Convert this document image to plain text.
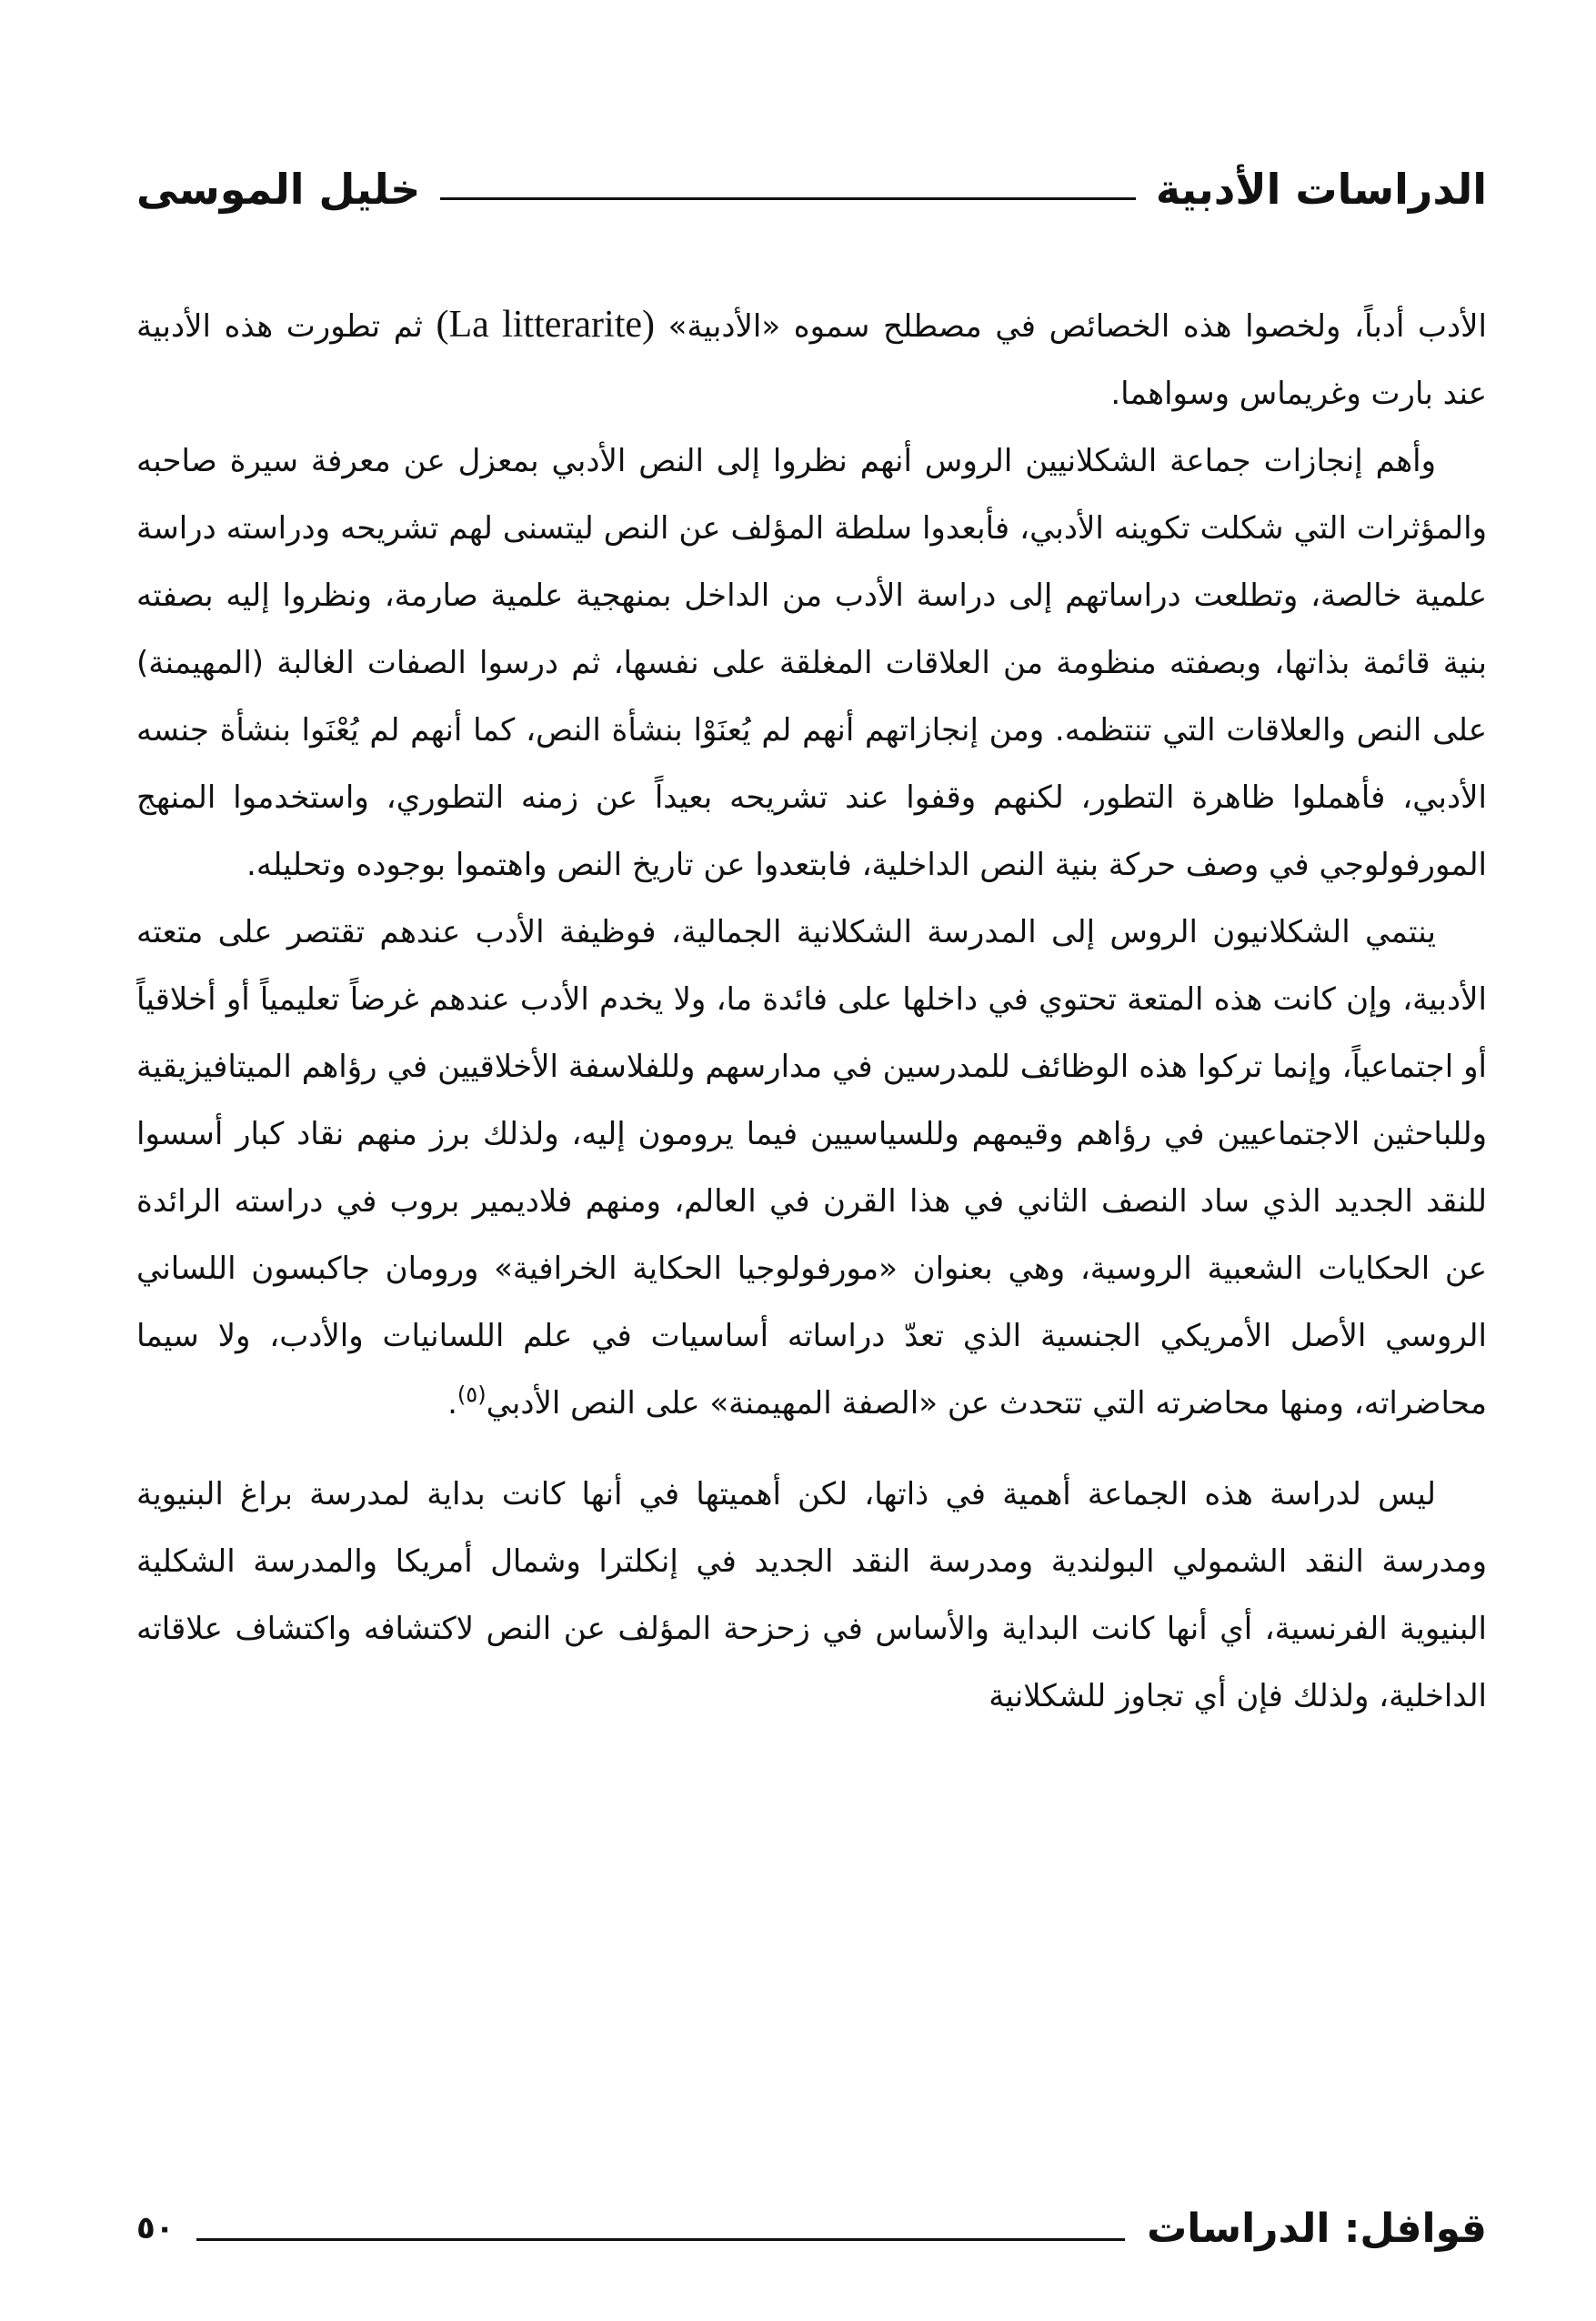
الدراسات الأدبية
خليل الموسى

الأدب أدباً، ولخصوا هذه الخصائص في مصطلح سموه «الأدبية» (La litterarite) ثم تطورت هذه الأدبية عند بارت وغريماس وسواهما.

وأهم إنجازات جماعة الشكلانيين الروس أنهم نظروا إلى النص الأدبي بمعزل عن معرفة سيرة صاحبه والمؤثرات التي شكلت تكوينه الأدبي، فأبعدوا سلطة المؤلف عن النص ليتسنى لهم تشريحه ودراسته دراسة علمية خالصة، وتطلعت دراساتهم إلى دراسة الأدب من الداخل بمنهجية علمية صارمة، ونظروا إليه بصفته بنية قائمة بذاتها، وبصفته منظومة من العلاقات المغلقة على نفسها، ثم درسوا الصفات الغالبة (المهيمنة) على النص والعلاقات التي تنتظمه. ومن إنجازاتهم أنهم لم يُعنَوْا بنشأة النص، كما أنهم لم يُعْنَوا بنشأة جنسه الأدبي، فأهملوا ظاهرة التطور، لكنهم وقفوا عند تشريحه بعيداً عن زمنه التطوري، واستخدموا المنهج المورفولوجي في وصف حركة بنية النص الداخلية، فابتعدوا عن تاريخ النص واهتموا بوجوده وتحليله.

ينتمي الشكلانيون الروس إلى المدرسة الشكلانية الجمالية، فوظيفة الأدب عندهم تقتصر على متعته الأدبية، وإن كانت هذه المتعة تحتوي في داخلها على فائدة ما، ولا يخدم الأدب عندهم غرضاً تعليمياً أو أخلاقياً أو اجتماعياً، وإنما تركوا هذه الوظائف للمدرسين في مدارسهم وللفلاسفة الأخلاقيين في رؤاهم الميتافيزيقية وللباحثين الاجتماعيين في رؤاهم وقيمهم وللسياسيين فيما يرومون إليه، ولذلك برز منهم نقاد كبار أسسوا للنقد الجديد الذي ساد النصف الثاني في هذا القرن في العالم، ومنهم فلاديمير بروب في دراسته الرائدة عن الحكايات الشعبية الروسية، وهي بعنوان «مورفولوجيا الحكاية الخرافية» ورومان جاكبسون اللساني الروسي الأصل الأمريكي الجنسية الذي تعدّ دراساته أساسيات في علم اللسانيات والأدب، ولا سيما محاضراته، ومنها محاضرته التي تتحدث عن «الصفة المهيمنة» على النص الأدبي$^{(٥)}$.

ليس لدراسة هذه الجماعة أهمية في ذاتها، لكن أهميتها في أنها كانت بداية لمدرسة براغ البنيوية ومدرسة النقد الشمولي البولندية ومدرسة النقد الجديد في إنكلترا وشمال أمريكا والمدرسة الشكلية البنيوية الفرنسية، أي أنها كانت البداية والأساس في زحزحة المؤلف عن النص لاكتشافه واكتشاف علاقاته الداخلية، ولذلك فإن أي تجاوز للشكلانية

قوافل: الدراسات
٥٠
